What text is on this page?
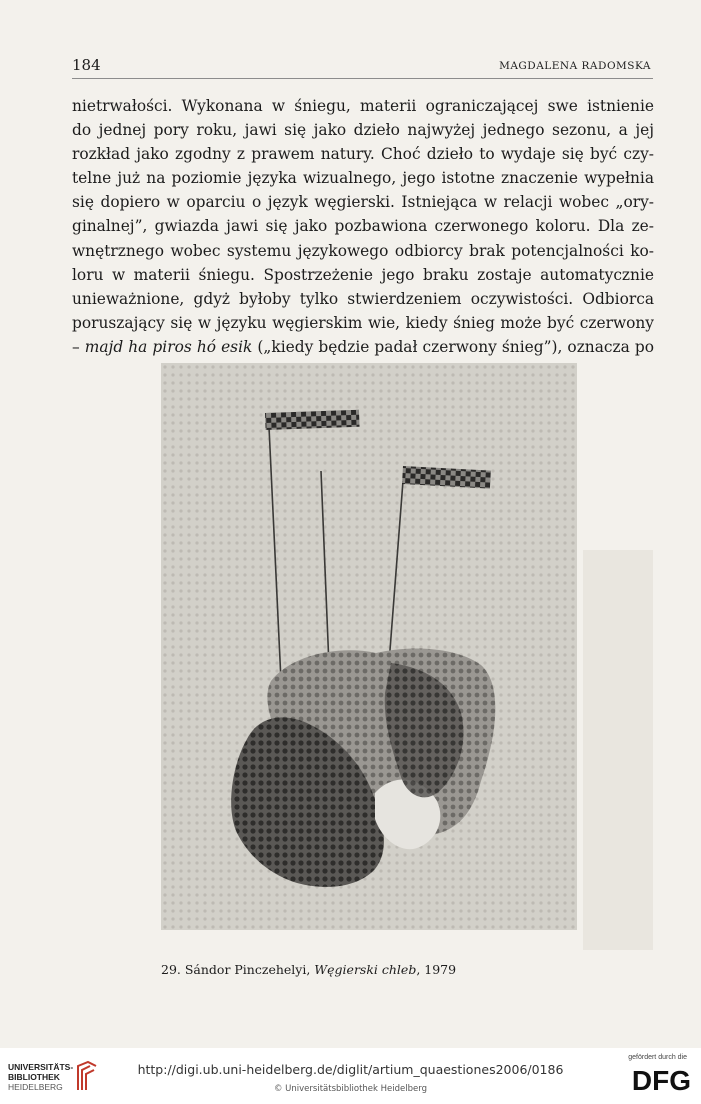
184	MAGDALENA RADOMSKA
nietrwałości. Wykonana w śniegu, materii ograniczającej swe istnienie
do jednej pory roku, jawi się jako dzieło najwyżej jednego sezonu, a jej
rozkład jako zgodny z prawem natury. Choć dzieło to wydaje się być czy-
telne już na poziomie języka wizualnego, jego istotne znaczenie wypełnia
się dopiero w oparciu o język węgierski. Istniejąca w relacji wobec „ory-
ginalnej”, gwiazda jawi się jako pozbawiona czerwonego koloru. Dla ze-
wnętrznego wobec systemu językowego odbiorcy brak potencjalności ko-
loru w materii śniegu. Spostrzeżenie jego braku zostaje automatycznie
unieważnione, gdyż byłoby tylko stwierdzeniem oczywistości. Odbiorca
poruszający się w języku węgierskim wie, kiedy śnieg może być czerwony
– majd ha piros hó esik („kiedy będzie padał czerwony śnieg”), oznacza po
29. Sándor Pinczehelyi, Węgierski chleb, 1979
UNIVERSITÄTS-
BIBLIOTHEK
HEIDELBERG
http://digi.ub.uni-heidelberg.de/diglit/artium_quaestiones2006/0186
© Universitätsbibliothek Heidelberg
gefördert durch die
DFG
